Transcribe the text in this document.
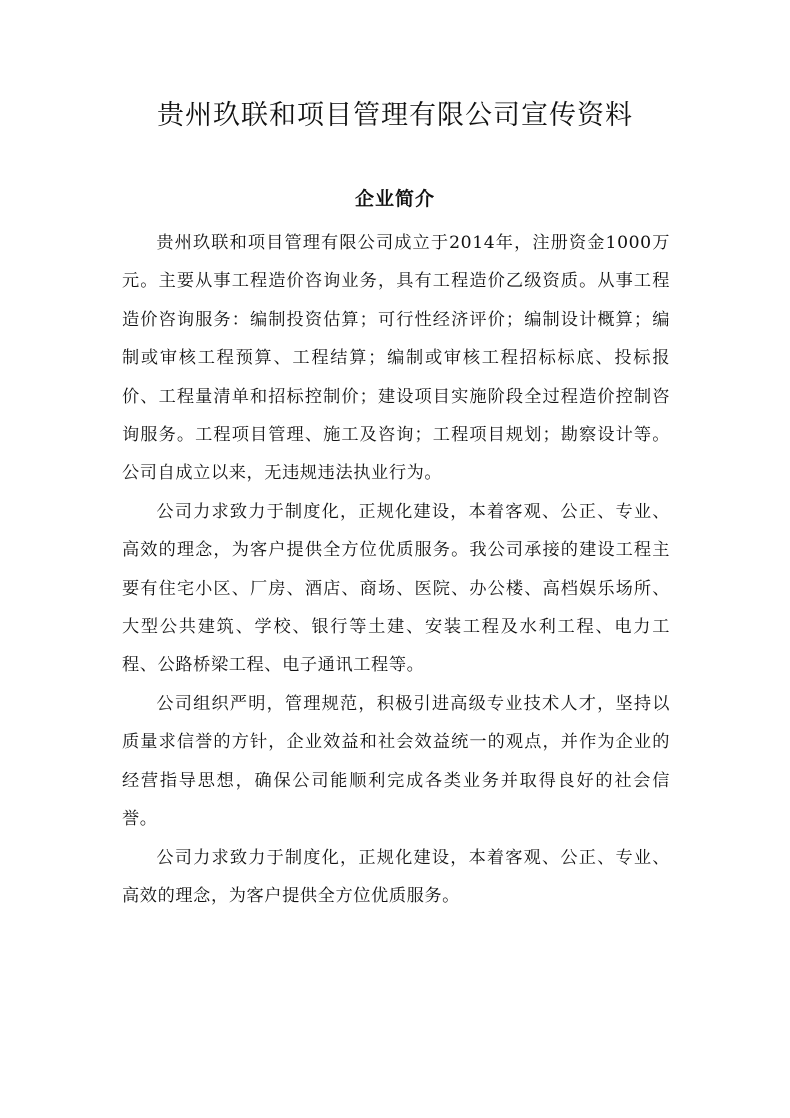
贵州玖联和项目管理有限公司宣传资料
企业简介

贵州玖联和项目管理有限公司成立于2014年，注册资金1000万元。主要从事工程造价咨询业务，具有工程造价乙级资质。从事工程造价咨询服务：编制投资估算；可行性经济评价；编制设计概算；编制或审核工程预算、工程结算；编制或审核工程招标标底、投标报价、工程量清单和招标控制价；建设项目实施阶段全过程造价控制咨询服务。工程项目管理、施工及咨询；工程项目规划；勘察设计等。公司自成立以来，无违规违法执业行为。

公司力求致力于制度化，正规化建设，本着客观、公正、专业、高效的理念，为客户提供全方位优质服务。我公司承接的建设工程主要有住宅小区、厂房、酒店、商场、医院、办公楼、高档娱乐场所、大型公共建筑、学校、银行等土建、安装工程及水利工程、电力工程、公路桥梁工程、电子通讯工程等。

公司组织严明，管理规范，积极引进高级专业技术人才，坚持以质量求信誉的方针，企业效益和社会效益统一的观点，并作为企业的经营指导思想，确保公司能顺利完成各类业务并取得良好的社会信誉。

公司力求致力于制度化，正规化建设，本着客观、公正、专业、高效的理念，为客户提供全方位优质服务。
